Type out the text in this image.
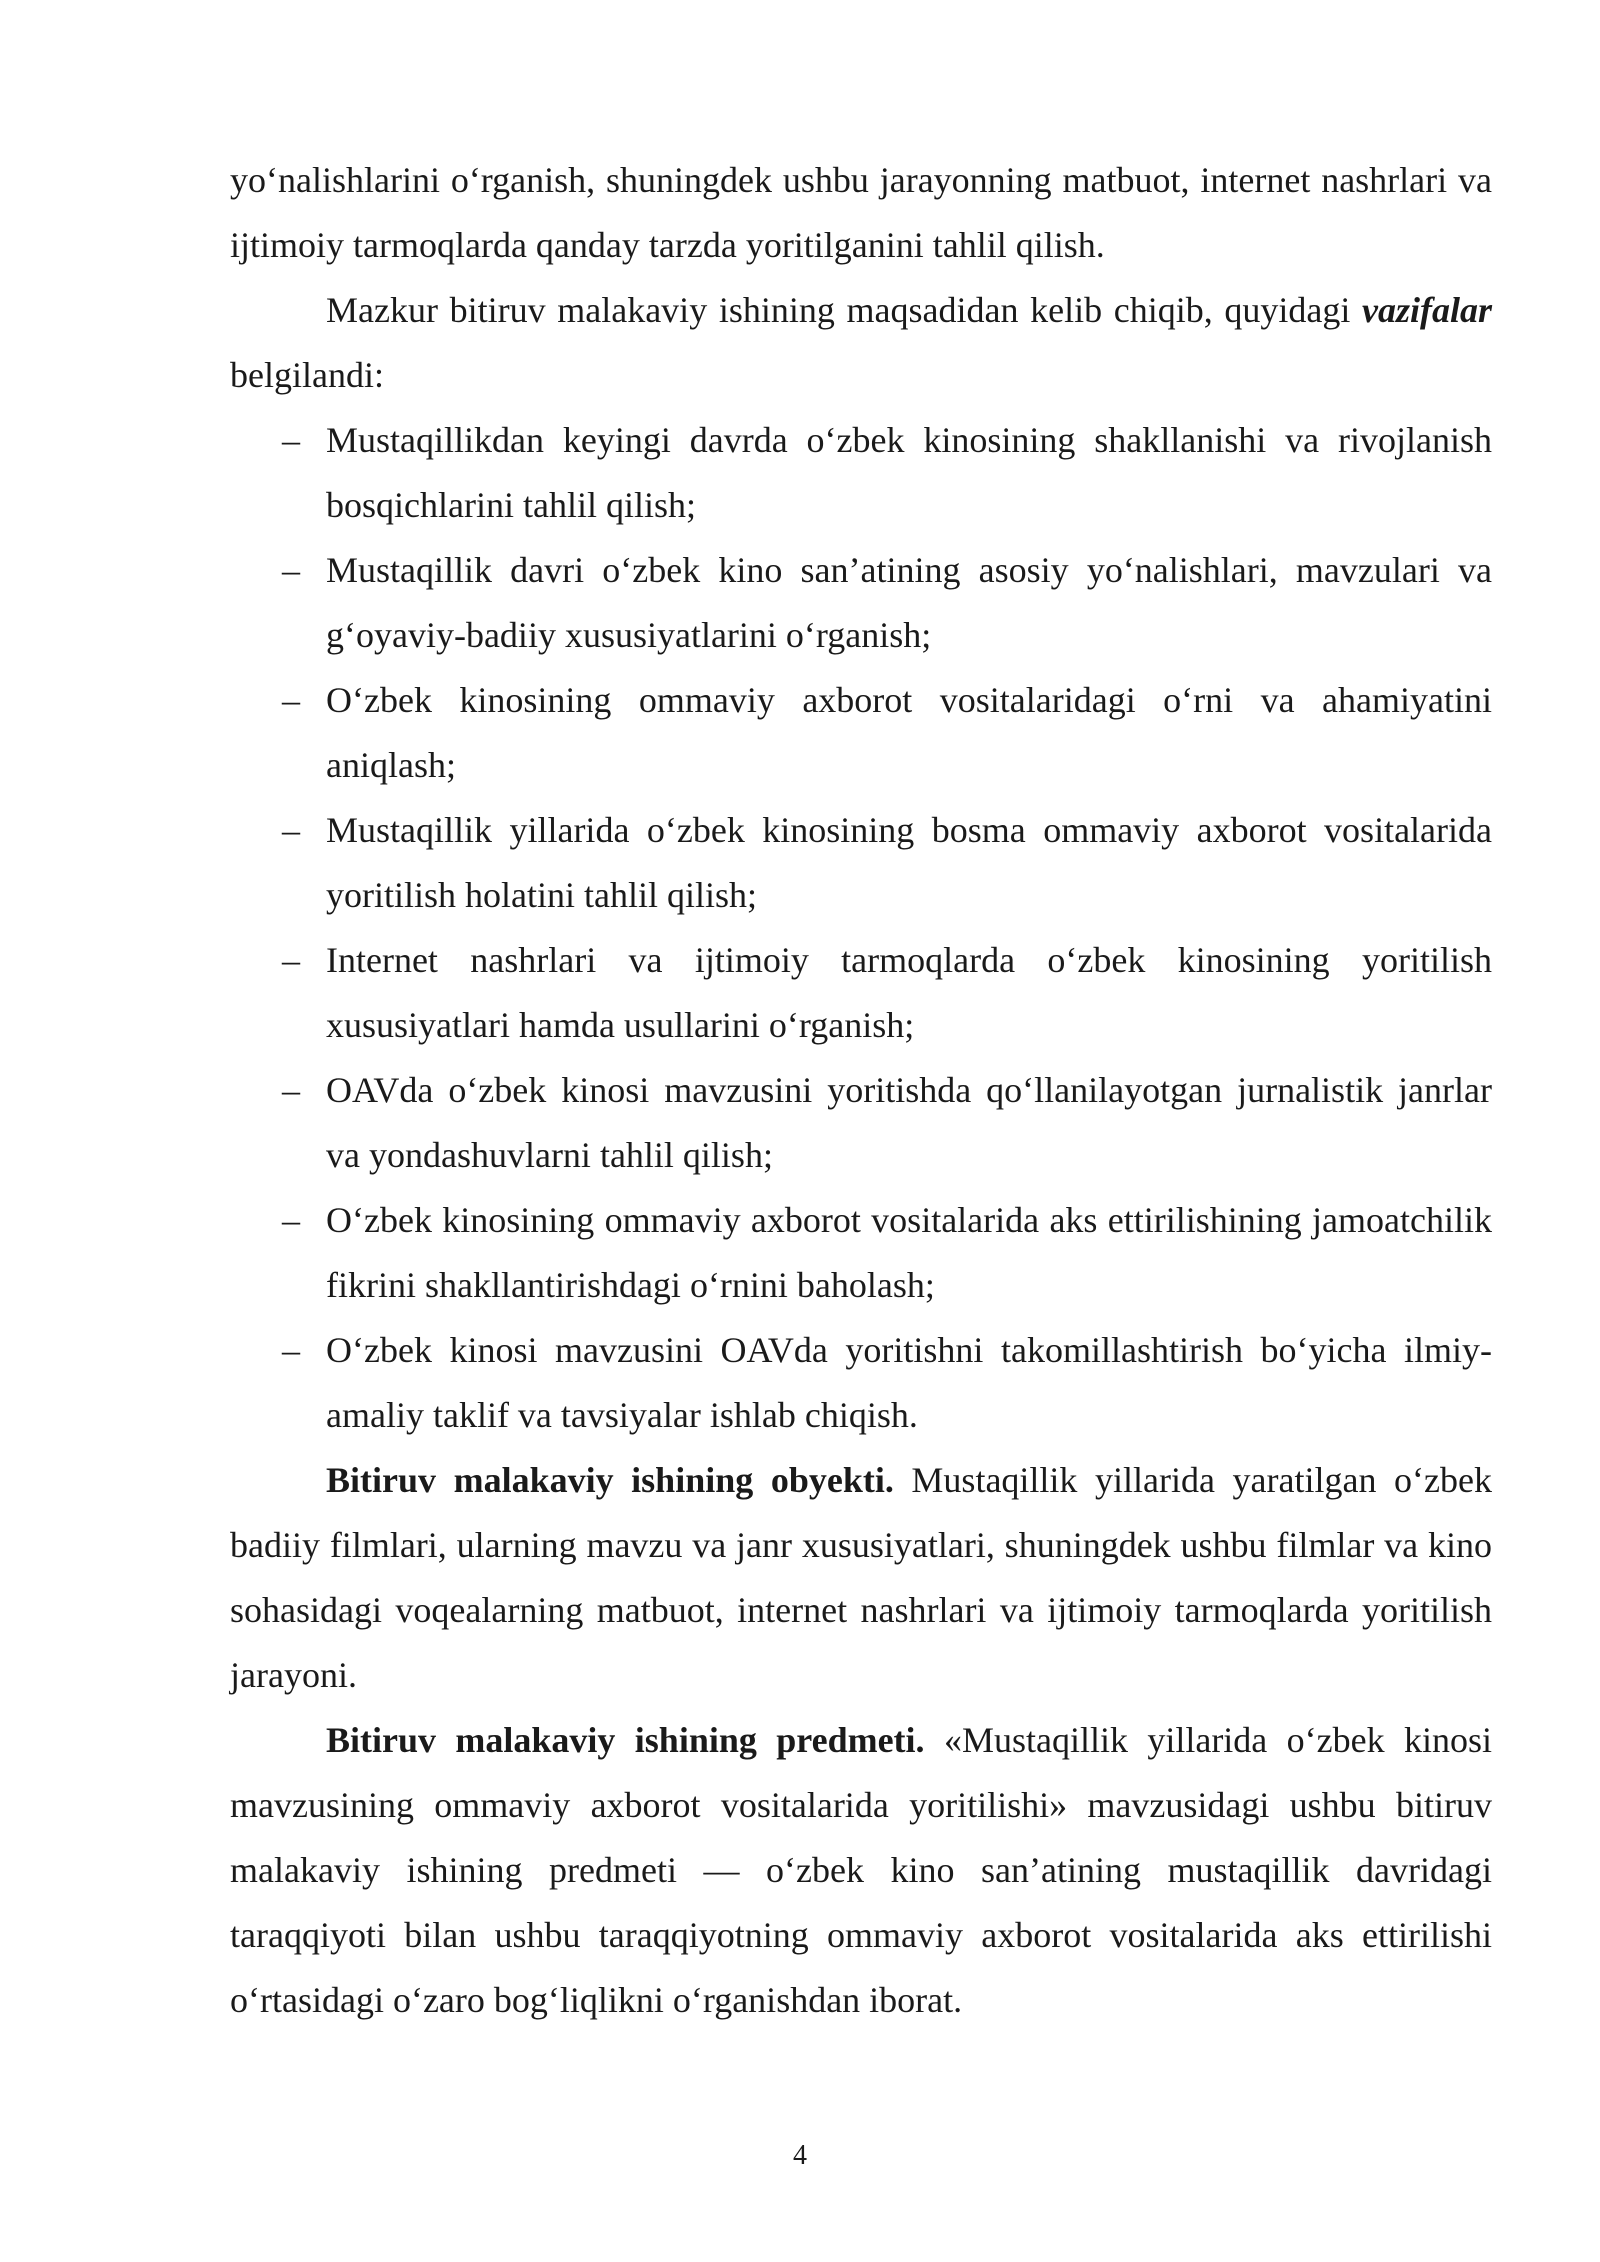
yoʻnalishlarini oʻrganish, shuningdek ushbu jarayonning matbuot, internet nashrlari va ijtimoiy tarmoqlarda qanday tarzda yoritilganini tahlil qilish.

Mazkur bitiruv malakaviy ishining maqsadidan kelib chiqib, quyidagi vazifalar belgilandi:

– Mustaqillikdan keyingi davrda oʻzbek kinosining shakllanishi va rivojlanish bosqichlarini tahlil qilish;
– Mustaqillik davri oʻzbek kino san’atining asosiy yoʻnalishlari, mavzulari va gʻoyaviy-badiiy xususiyatlarini oʻrganish;
– Oʻzbek kinosining ommaviy axborot vositalaridagi oʻrni va ahamiyatini aniqlash;
– Mustaqillik yillarida oʻzbek kinosining bosma ommaviy axborot vositalarida yoritilish holatini tahlil qilish;
– Internet nashrlari va ijtimoiy tarmoqlarda oʻzbek kinosining yoritilish xususiyatlari hamda usullarini oʻrganish;
– OAVda oʻzbek kinosi mavzusini yoritishda qoʻllanilayotgan jurnalistik janrlar va yondashuvlarni tahlil qilish;
– Oʻzbek kinosining ommaviy axborot vositalarida aks ettirilishining jamoatchilik fikrini shakllantirishdagi oʻrnini baholash;
– Oʻzbek kinosi mavzusini OAVda yoritishni takomillashtirish boʻyicha ilmiy-amaliy taklif va tavsiyalar ishlab chiqish.

Bitiruv malakaviy ishining obyekti. Mustaqillik yillarida yaratilgan oʻzbek badiiy filmlari, ularning mavzu va janr xususiyatlari, shuningdek ushbu filmlar va kino sohasidagi voqealarning matbuot, internet nashrlari va ijtimoiy tarmoqlarda yoritilish jarayoni.

Bitiruv malakaviy ishining predmeti. «Mustaqillik yillarida oʻzbek kinosi mavzusining ommaviy axborot vositalarida yoritilishi» mavzusidagi ushbu bitiruv malakaviy ishining predmeti — oʻzbek kino san’atining mustaqillik davridagi taraqqiyoti bilan ushbu taraqqiyotning ommaviy axborot vositalarida aks ettirilishi oʻrtasidagi oʻzaro bogʻliqlikni oʻrganishdan iborat.

4
